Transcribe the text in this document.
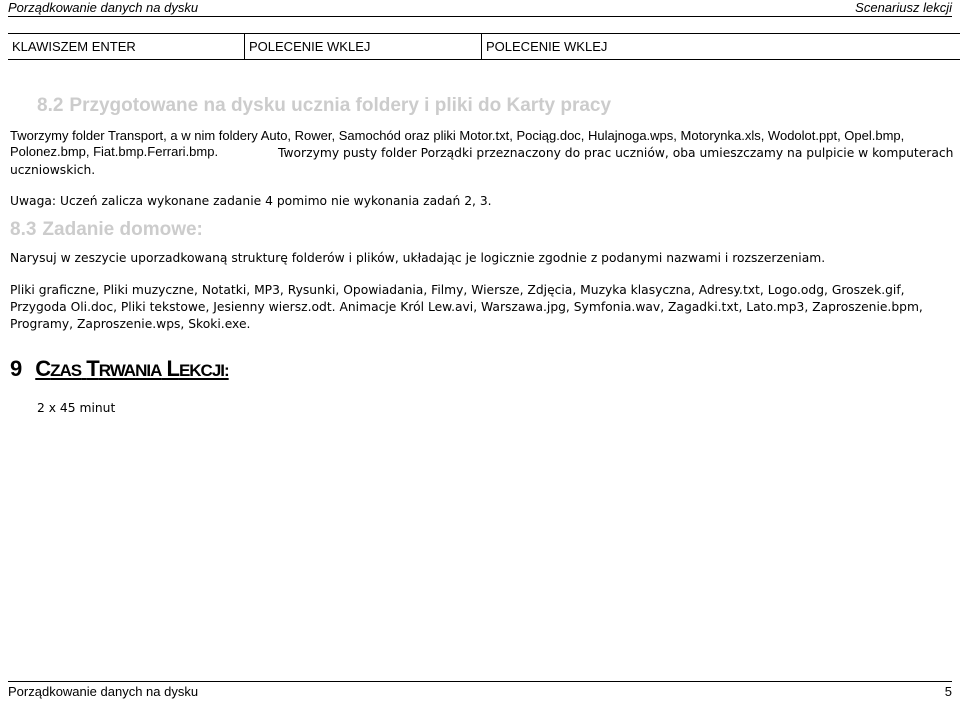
Porządkowanie danych na dysku	Scenariusz lekcji
KLAWISZEM ENTER	POLECENIE WKLEJ	POLECENIE WKLEJ
8.2 Przygotowane na dysku ucznia foldery i pliki do Karty pracy

Tworzymy folder Transport, a w nim foldery Auto, Rower, Samochód oraz pliki Motor.txt, Pociąg.doc, Hulajnoga.wps, Motorynka.xls, Wodolot.ppt, Opel.bmp, Polonez.bmp, Fiat.bmp.Ferrari.bmp.	Tworzymy pusty folder Porządki przeznaczony do prac uczniów, oba umieszczamy na pulpicie w komputerach uczniowskich.

Uwaga: Uczeń zalicza wykonane zadanie 4 pomimo nie wykonania zadań 2, 3.

8.3 Zadanie domowe:

Narysuj w zeszycie uporzadkowaną strukturę folderów i plików, układając je logicznie zgodnie z podanymi nazwami i rozszerzeniam.

Pliki graficzne, Pliki muzyczne, Notatki, MP3, Rysunki, Opowiadania, Filmy, Wiersze, Zdjęcia, Muzyka klasyczna, Adresy.txt, Logo.odg, Groszek.gif, Przygoda Oli.doc, Pliki tekstowe, Jesienny wiersz.odt. Animacje Król Lew.avi, Warszawa.jpg, Symfonia.wav, Zagadki.txt, Lato.mp3, Zaproszenie.bpm, Programy, Zaproszenie.wps, Skoki.exe.

9 CZAS TRWANIA LEKCJI:
2 x 45 minut
Porządkowanie danych na dysku	5
